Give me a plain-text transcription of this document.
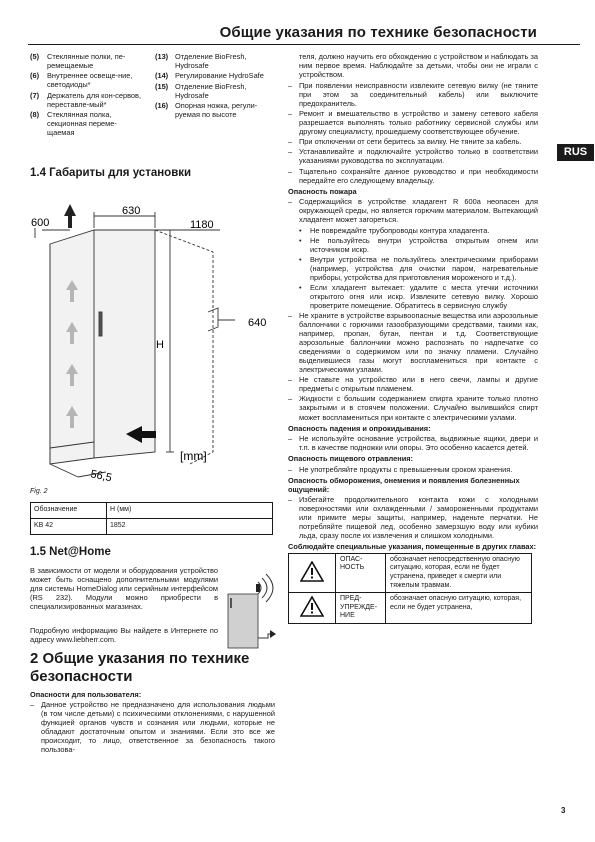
Общие указания по технике безопасности
RUS
(5)	Стеклянные полки, пе-ремещаемые
(6)	Внутреннее освеще-ние, светодиоды*
(7)	Держатель для кон-сервов, переставле-мый*
(8)	Стеклянная полка, секционная переме-щаемая
(13) Отделение BioFresh, Hydrosafe
(14) Регулирование HydroSafe
(15) Отделение BioFresh, Hydrosafe
(16) Опорная ножка, регули-руемая по высоте
1.4 Габариты для установки
630
1180
600
H
640
56,5
[mm]
Fig. 2
Обозначение	H (мм)
KB 42	1852
1.5 Net@Home
В зависимости от модели и оборудования устройство может быть оснащено дополнительными модулями для системы HomeDialog или серийным интерфейсом (RS 232). Модули можно приобрести в специализированных магазинах.
Подробную информацию Вы найдете в Интернете по адресу www.liebherr.com.
2 Общие указания по технике безопасности
Опасности для пользователя:
– Данное устройство не предназначено для использования людьми (в том числе детьми) с психическими отклонениями, с нарушенной функцией органов чувств и сознания или людьми, которые не обладают достаточным опытом и знаниями. Если это все же происходит, то лицо, ответственное за безопасность такого пользова-
теля, должно научить его обхождению с устройством и наблюдать за ним первое время. Наблюдайте за детьми, чтобы они не играли с устройством.
– При появлении неисправности извлеките сетевую вилку (не тяните при этом за соединительный кабель) или выключите предохранитель.
– Ремонт и вмешательство в устройство и замену сетевого кабеля разрешается выполнять только работнику сервисной службы или другому специалисту, прошедшему соответствующее обучение.
– При отключении от сети беритесь за вилку. Не тяните за кабель.
– Устанавливайте и подключайте устройство только в соответствии указаниями руководства по эксплуатации.
– Тщательно сохраняйте данное руководство и при необходимости передайте его следующему владельцу.
Опасность пожара
– Содержащийся в устройстве хладагент R 600a неопасен для окружающей среды, но является горючим материалом. Вытекающий хладагент может загореться.
•	Не повреждайте трубопроводы контура хладагента.
•	Не пользуйтесь внутри устройства открытым огнем или источником искр.
•	Внутри устройства не пользуйтесь электрическими приборами (например, устройства для очистки паром, нагревательные приборы, устройства для приготовления мороженого и т.д.).
•	Если хладагент вытекает: удалите с места утечки источники открытого огня или искр. Извлеките сетевую вилку. Хорошо проветрите помещение. Обратитесь в сервисную службу
– Не храните в устройстве взрывоопасные вещества или аэрозольные баллончики с горючими газообразующими средствами, такими как, например, пропан, бутан, пентан и т.д. Соответствующие аэрозольные баллончики можно распознать по надпечатке со сведениями о содержимом или по значку пламени. Случайно выделившиеся газы могут воспламениться при контакте с электрическими узлами.
– Не ставьте на устройство или в него свечи, лампы и другие предметы с открытым пламенем.
– Жидкости с большим содержанием спирта храните только плотно закрытыми и в стоячем положении. Случайно вылившийся спирт может воспламениться при контакте с электрическими узлами.
Опасность падения и опрокидывания:
– Не используйте основание устройства, выдвижные ящики, двери и т.п. в качестве подножки или опоры. Это особенно касается детей.
Опасность пищевого отравления:
– Не употребляйте продукты с превышенным сроком хранения.
Опасность обморожения, онемения и появления болезненных ощущений:
– Избегайте продолжительного контакта кожи с холодными поверхностями или охлажденными / замороженными продуктами или примите меры защиты, например, наденьте перчатки. Не потребляйте пищевой лед, особенно замерзшую воду или кубики льда, сразу после их извлечения и слишком холодными.
Соблюдайте специальные указания, помещенные в других главах:
	ОПАС-НОСТЬ	обозначает непосредственную опасную ситуацию, которая, если не будет устранена, приведет к смерти или тяжелым травмам.
	ПРЕД-УПРЕЖДЕ-НИЕ	обозначает опасную ситуацию, которая, если не будет устранена,
3
